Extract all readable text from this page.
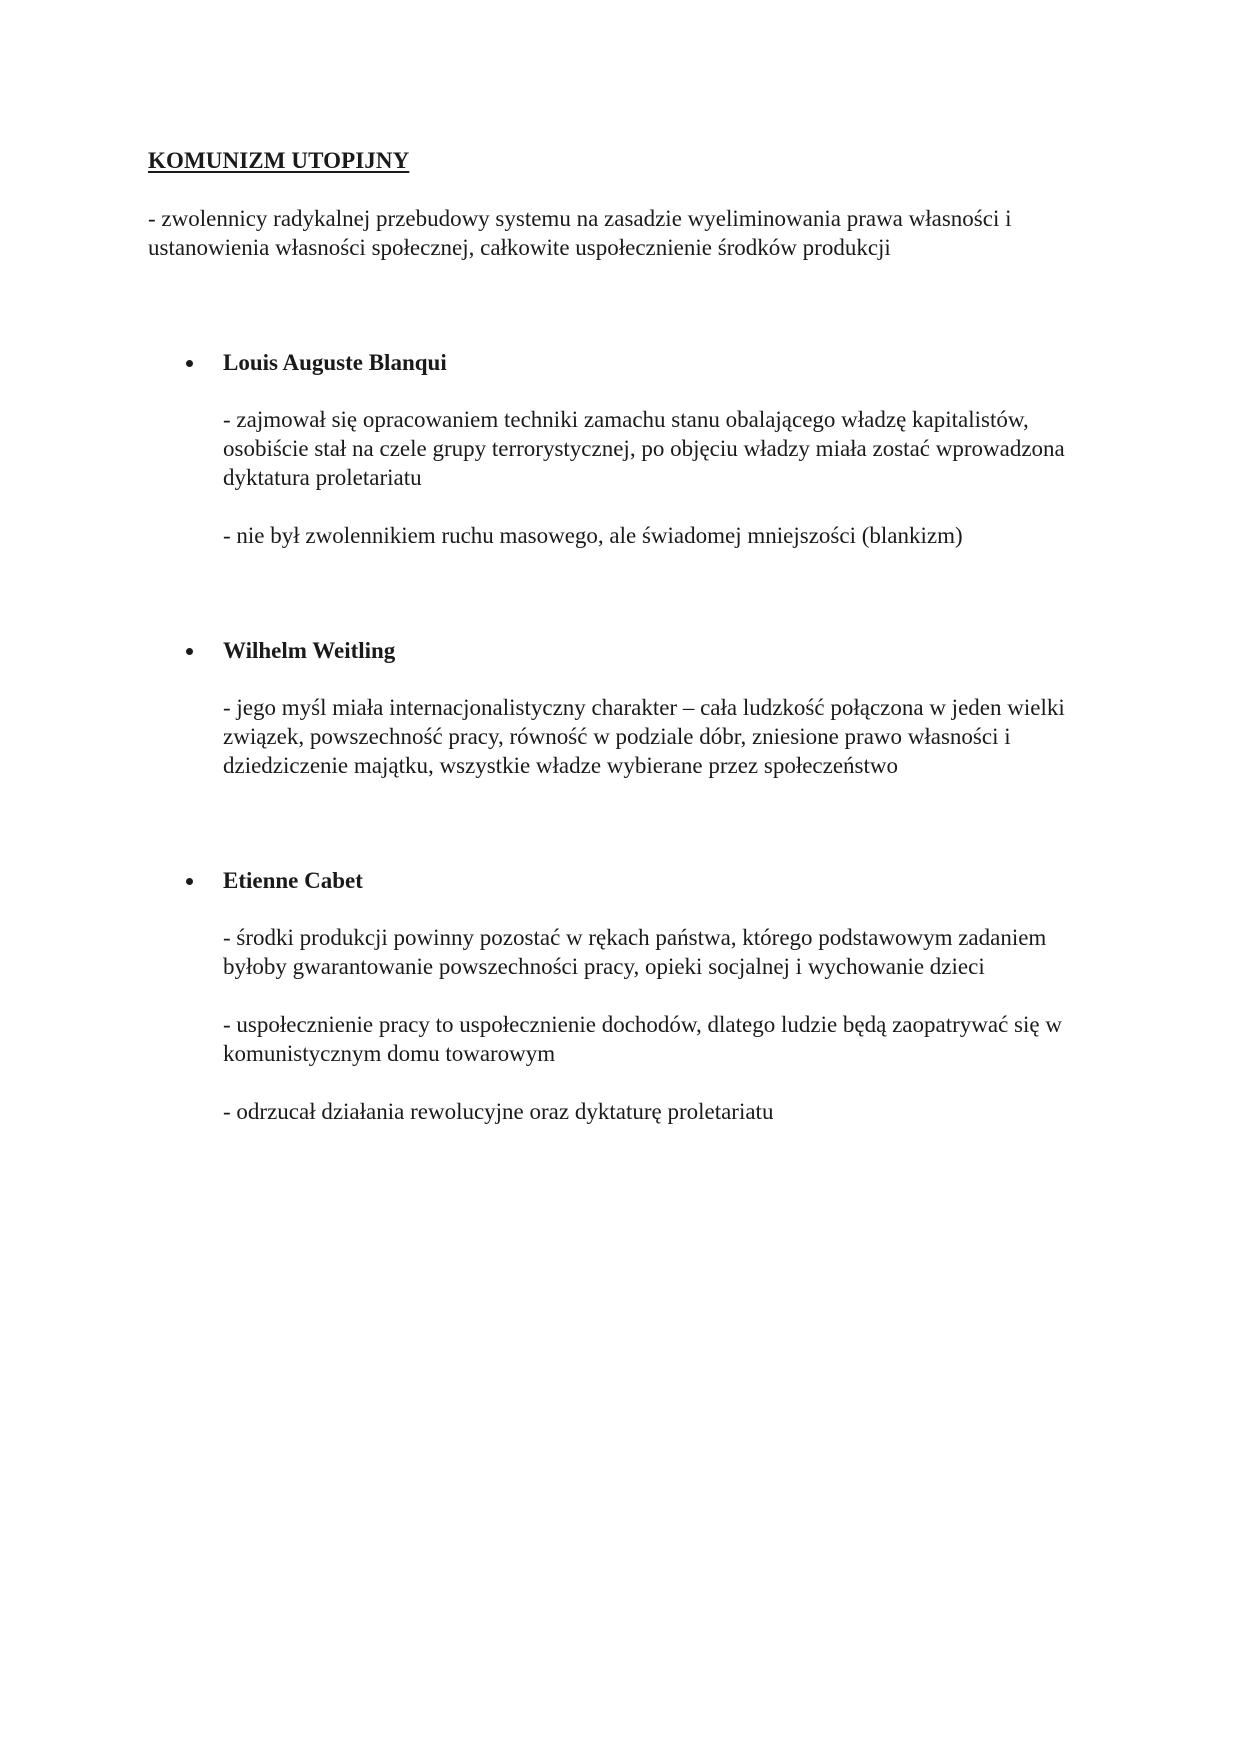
KOMUNIZM UTOPIJNY
- zwolennicy radykalnej przebudowy systemu na zasadzie wyeliminowania prawa własności i ustanowienia własności społecznej, całkowite uspołecznienie środków produkcji
Louis Auguste Blanqui
- zajmował się opracowaniem techniki zamachu stanu obalającego władzę kapitalistów, osobiście stał na czele grupy terrorystycznej, po objęciu władzy miała zostać wprowadzona dyktatura proletariatu
- nie był zwolennikiem ruchu masowego, ale świadomej mniejszości (blankizm)
Wilhelm Weitling
- jego myśl miała internacjonalistyczny charakter – cała ludzkość połączona w jeden wielki związek, powszechność pracy, równość w podziale dóbr, zniesione prawo własności i dziedziczenie majątku, wszystkie władze wybierane przez społeczeństwo
Etienne Cabet
- środki produkcji powinny pozostać w rękach państwa, którego podstawowym zadaniem byłoby gwarantowanie powszechności pracy, opieki socjalnej i wychowanie dzieci
- uspołecznienie pracy to uspołecznienie dochodów, dlatego ludzie będą zaopatrywać się w komunistycznym domu towarowym
- odrzucał działania rewolucyjne oraz dyktaturę proletariatu
